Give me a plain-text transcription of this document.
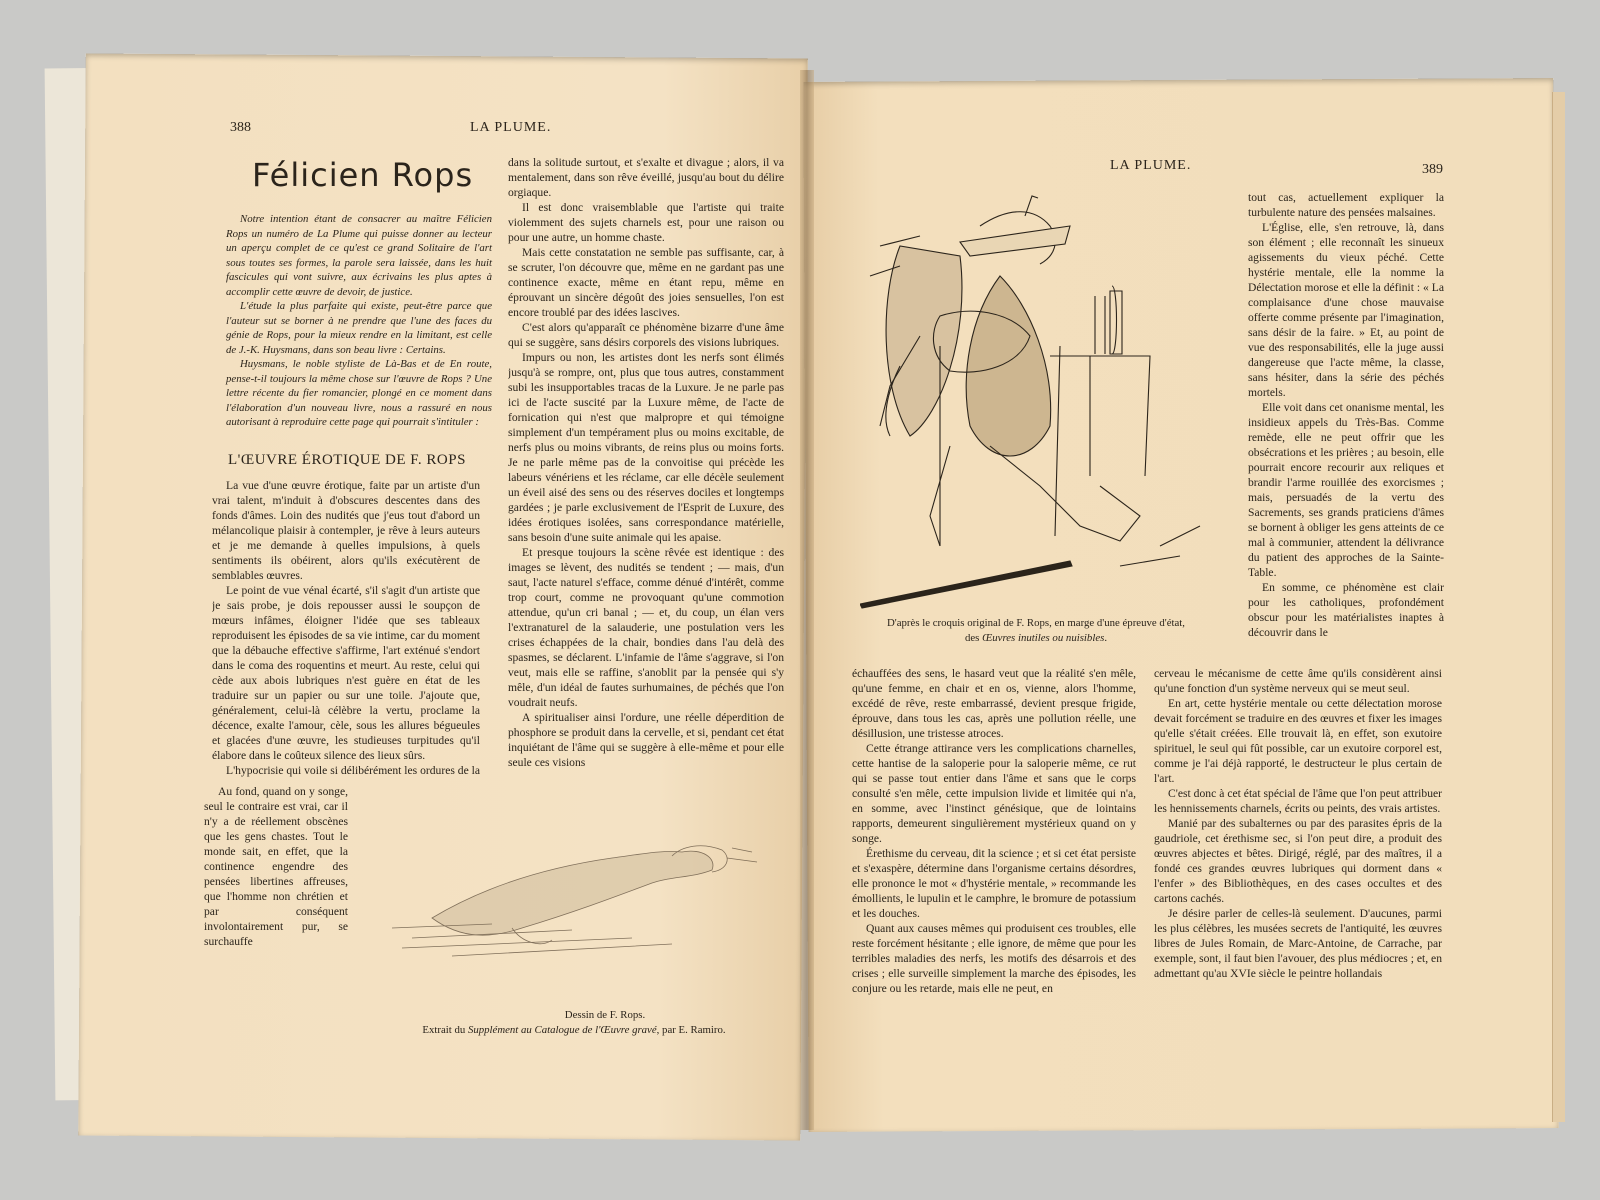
388	LA PLUME.
Félicien Rops

Notre intention étant de consacrer au maître Félicien Rops un numéro de La Plume qui puisse donner au lecteur un aperçu complet de ce qu'est ce grand Solitaire de l'art sous toutes ses formes, la parole sera laissée, dans les huit fascicules qui vont suivre, aux écrivains les plus aptes à accomplir cette œuvre de devoir, de justice.

L'étude la plus parfaite qui existe, peut-être parce que l'auteur sut se borner à ne prendre que l'une des faces du génie de Rops, pour la mieux rendre en la limitant, est celle de J.-K. Huysmans, dans son beau livre : Certains.

Huysmans, le noble styliste de Là-Bas et de En route, pense-t-il toujours la même chose sur l'œuvre de Rops ? Une lettre récente du fier romancier, plongé en ce moment dans l'élaboration d'un nouveau livre, nous a rassuré en nous autorisant à reproduire cette page qui pourrait s'intituler :

L'ŒUVRE ÉROTIQUE DE F. ROPS

La vue d'une œuvre érotique, faite par un artiste d'un vrai talent, m'induit à d'obscures descentes dans des fonds d'âmes. Loin des nudités que j'eus tout d'abord un mélancolique plaisir à contempler, je rêve à leurs auteurs et je me demande à quelles impulsions, à quels sentiments ils obéirent, alors qu'ils exécutèrent de semblables œuvres.

Le point de vue vénal écarté, s'il s'agit d'un artiste que je sais probe, je dois repousser aussi le soupçon de mœurs infâmes, éloigner l'idée que ses tableaux reproduisent les épisodes de sa vie intime, car du moment que la débauche effective s'affirme, l'art exténué s'endort dans le coma des roquentins et meurt. Au reste, celui qui cède aux abois lubriques n'est guère en état de les traduire sur un papier ou sur une toile. J'ajoute que, généralement, celui-là célèbre la vertu, proclame la décence, exalte l'amour, cèle, sous les allures bégueules et glacées d'une œuvre, les studieuses turpitudes qu'il élabore dans le coûteux silence des lieux sûrs.

L'hypocrisie qui voile si délibérément les ordures de la

Au fond, quand on y songe, seul le contraire est vrai, car il n'y a de réellement obscènes que les gens chastes. Tout le monde sait, en effet, que la continence engendre des pensées libertines affreuses, que l'homme non chrétien et par conséquent involontairement pur, se surchauffe

dans la solitude surtout, et s'exalte et divague ; alors, il va mentalement, dans son rêve éveillé, jusqu'au bout du délire orgiaque.

Il est donc vraisemblable que l'artiste qui traite violemment des sujets charnels est, pour une raison ou pour une autre, un homme chaste.

Mais cette constatation ne semble pas suffisante, car, à se scruter, l'on découvre que, même en ne gardant pas une continence exacte, même en étant repu, même en éprouvant un sincère dégoût des joies sensuelles, l'on est encore troublé par des idées lascives.

C'est alors qu'apparaît ce phénomène bizarre d'une âme qui se suggère, sans désirs corporels des visions lubriques.

Impurs ou non, les artistes dont les nerfs sont élimés jusqu'à se rompre, ont, plus que tous autres, constamment subi les insupportables tracas de la Luxure. Je ne parle pas ici de l'acte suscité par la Luxure même, de l'acte de fornication qui n'est que malpropre et qui témoigne simplement d'un tempérament plus ou moins excitable, de nerfs plus ou moins vibrants, de reins plus ou moins forts. Je ne parle même pas de la convoitise qui précède les labeurs vénériens et les réclame, car elle décèle seulement un éveil aisé des sens ou des réserves dociles et longtemps gardées ; je parle exclusivement de l'Esprit de Luxure, des idées érotiques isolées, sans correspondance matérielle, sans besoin d'une suite animale qui les apaise.

Et presque toujours la scène rêvée est identique : des images se lèvent, des nudités se tendent ; — mais, d'un saut, l'acte naturel s'efface, comme dénué d'intérêt, comme trop court, comme ne provoquant qu'une commotion attendue, qu'un cri banal ; — et, du coup, un élan vers l'extranaturel de la salauderie, une postulation vers les crises échappées de la chair, bondies dans l'au delà des spasmes, se déclarent. L'infamie de l'âme s'aggrave, si l'on veut, mais elle se raffine, s'anoblit par la pensée qui s'y mêle, d'un idéal de fautes surhumaines, de péchés que l'on voudrait neufs.

A spiritualiser ainsi l'ordure, une réelle déperdition de phosphore se produit dans la cervelle, et si, pendant cet état inquiétant de l'âme qui se suggère à elle-même et pour elle seule ces visions

Dessin de F. Rops.
Extrait du Supplément au Catalogue de l'Œuvre gravé, par E. Ramiro.
LA PLUME.	389
D'après le croquis original de F. Rops, en marge d'une épreuve d'état,
des Œuvres inutiles ou nuisibles.

tout cas, actuellement expliquer la turbulente nature des pensées malsaines.

L'Église, elle, s'en retrouve, là, dans son élément ; elle reconnaît les sinueux agissements du vieux péché. Cette hystérie mentale, elle la nomme la Délectation morose et elle la définit : « La complaisance d'une chose mauvaise offerte comme présente par l'imagination, sans désir de la faire. » Et, au point de vue des responsabilités, elle la juge aussi dangereuse que l'acte même, la classe, sans hésiter, dans la série des péchés mortels.

Elle voit dans cet onanisme mental, les insidieux appels du Très-Bas. Comme remède, elle ne peut offrir que les obsécrations et les prières ; au besoin, elle pourrait encore recourir aux reliques et brandir l'arme rouillée des exorcismes ; mais, persuadés de la vertu des Sacrements, ses grands praticiens d'âmes se bornent à obliger les gens atteints de ce mal à communier, attendent la délivrance du patient des approches de la Sainte-Table.

En somme, ce phénomène est clair pour les catholiques, profondément obscur pour les matérialistes inaptes à découvrir dans le

échauffées des sens, le hasard veut que la réalité s'en mêle, qu'une femme, en chair et en os, vienne, alors l'homme, excédé de rêve, reste embarrassé, devient presque frigide, éprouve, dans tous les cas, après une pollution réelle, une désillusion, une tristesse atroces.

Cette étrange attirance vers les complications charnelles, cette hantise de la saloperie pour la saloperie même, ce rut qui se passe tout entier dans l'âme et sans que le corps consulté s'en mêle, cette impulsion livide et limitée qui n'a, en somme, avec l'instinct génésique, que de lointains rapports, demeurent singulièrement mystérieux quand on y songe.

Érethisme du cerveau, dit la science ; et si cet état persiste et s'exaspère, détermine dans l'organisme certains désordres, elle prononce le mot « d'hystérie mentale, » recommande les émollients, le lupulin et le camphre, le bromure de potassium et les douches.

Quant aux causes mêmes qui produisent ces troubles, elle reste forcément hésitante ; elle ignore, de même que pour les terribles maladies des nerfs, les motifs des désarrois et des crises ; elle surveille simplement la marche des épisodes, les conjure ou les retarde, mais elle ne peut, en

cerveau le mécanisme de cette âme qu'ils considèrent ainsi qu'une fonction d'un système nerveux qui se meut seul.

En art, cette hystérie mentale ou cette délectation morose devait forcément se traduire en des œuvres et fixer les images qu'elle s'était créées. Elle trouvait là, en effet, son exutoire spirituel, le seul qui fût possible, car un exutoire corporel est, comme je l'ai déjà rapporté, le destructeur le plus certain de l'art.

C'est donc à cet état spécial de l'âme que l'on peut attribuer les hennissements charnels, écrits ou peints, des vrais artistes.

Manié par des subalternes ou par des parasites épris de la gaudriole, cet érethisme sec, si l'on peut dire, a produit des œuvres abjectes et bêtes. Dirigé, réglé, par des maîtres, il a fondé ces grandes œuvres lubriques qui dorment dans « l'enfer » des Bibliothèques, en des cases occultes et des cartons cachés.

Je désire parler de celles-là seulement. D'aucunes, parmi les plus célèbres, les musées secrets de l'antiquité, les œuvres libres de Jules Romain, de Marc-Antoine, de Carrache, par exemple, sont, il faut bien l'avouer, des plus médiocres ; et, en admettant qu'au XVIe siècle le peintre hollandais
